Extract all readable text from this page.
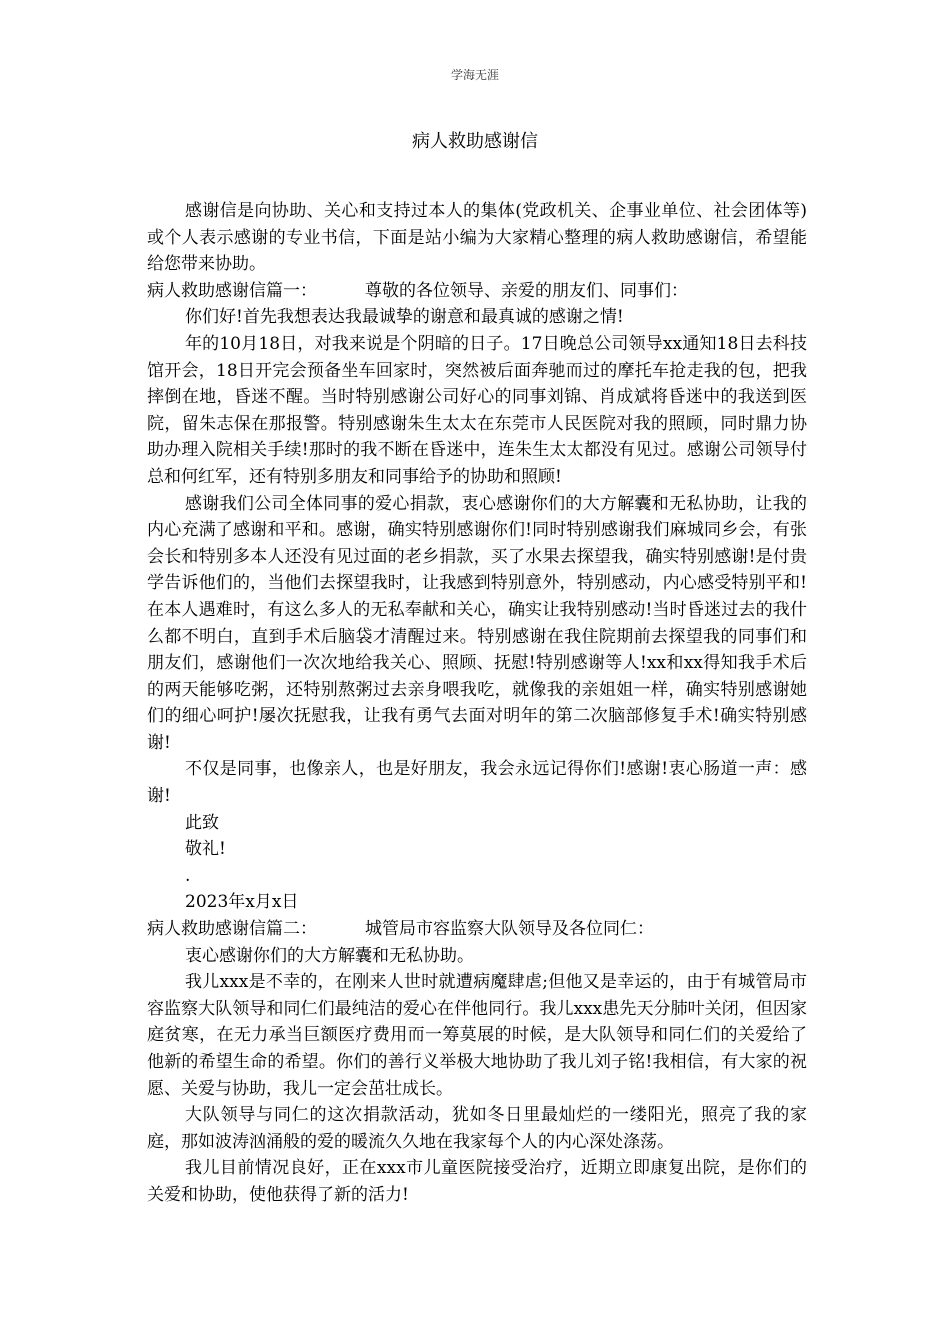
学海无涯
病人救助感谢信

感谢信是向协助、关心和支持过本人的集体(党政机关、企事业单位、社会团体等)或个人表示感谢的专业书信，下面是站小编为大家精心整理的病人救助感谢信，希望能给您带来协助。

病人救助感谢信篇一：	尊敬的各位领导、亲爱的朋友们、同事们：

你们好!首先我想表达我最诚挚的谢意和最真诚的感谢之情!

年的10月18日，对我来说是个阴暗的日子。17日晚总公司领导xx通知18日去科技馆开会，18日开完会预备坐车回家时，突然被后面奔驰而过的摩托车抢走我的包，把我摔倒在地，昏迷不醒。当时特别感谢公司好心的同事刘锦、肖成斌将昏迷中的我送到医院，留朱志保在那报警。特别感谢朱生太太在东莞市人民医院对我的照顾，同时鼎力协助办理入院相关手续!那时的我不断在昏迷中，连朱生太太都没有见过。感谢公司领导付总和何红军，还有特别多朋友和同事给予的协助和照顾!

感谢我们公司全体同事的爱心捐款，衷心感谢你们的大方解囊和无私协助，让我的内心充满了感谢和平和。感谢，确实特别感谢你们!同时特别感谢我们麻城同乡会，有张会长和特别多本人还没有见过面的老乡捐款，买了水果去探望我，确实特别感谢!是付贵学告诉他们的，当他们去探望我时，让我感到特别意外，特别感动，内心感受特别平和!在本人遇难时，有这么多人的无私奉献和关心，确实让我特别感动!当时昏迷过去的我什么都不明白，直到手术后脑袋才清醒过来。特别感谢在我住院期前去探望我的同事们和朋友们，感谢他们一次次地给我关心、照顾、抚慰!特别感谢等人!xx和xx得知我手术后的两天能够吃粥，还特别熬粥过去亲身喂我吃，就像我的亲姐姐一样，确实特别感谢她们的细心呵护!屡次抚慰我，让我有勇气去面对明年的第二次脑部修复手术!确实特别感谢!

不仅是同事，也像亲人，也是好朋友，我会永远记得你们!感谢!衷心肠道一声：感谢!

此致

敬礼!

.

2023年x月x日

病人救助感谢信篇二：	城管局市容监察大队领导及各位同仁：

衷心感谢你们的大方解囊和无私协助。

我儿xxx是不幸的，在刚来人世时就遭病魔肆虐;但他又是幸运的，由于有城管局市容监察大队领导和同仁们最纯洁的爱心在伴他同行。我儿xxx患先天分肺叶关闭，但因家庭贫寒，在无力承当巨额医疗费用而一筹莫展的时候，是大队领导和同仁们的关爱给了他新的希望生命的希望。你们的善行义举极大地协助了我儿刘子铭!我相信，有大家的祝愿、关爱与协助，我儿一定会茁壮成长。

大队领导与同仁的这次捐款活动，犹如冬日里最灿烂的一缕阳光，照亮了我的家庭，那如波涛汹涌般的爱的暖流久久地在我家每个人的内心深处涤荡。

我儿目前情况良好，正在xxx市儿童医院接受治疗，近期立即康复出院，是你们的关爱和协助，使他获得了新的活力!
